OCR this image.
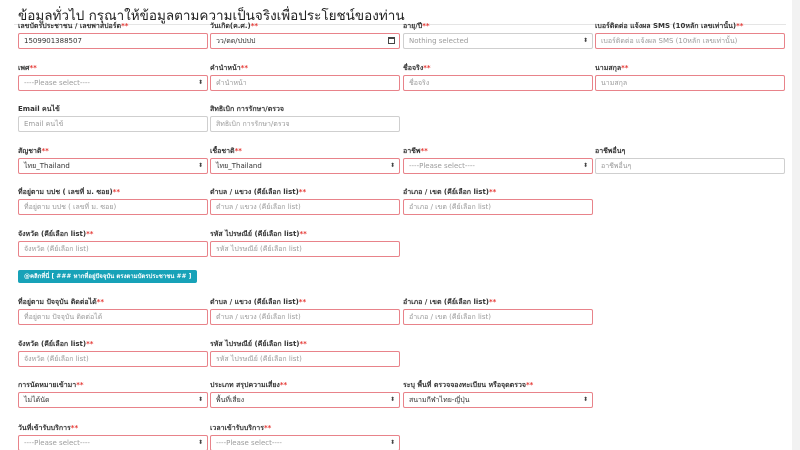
ข้อมูลทั่วไป กรุณาให้ข้อมูลตามความเป็นจริงเพื่อประโยชน์ของท่าน
เลขบัตรประชาชน / เลขพาสปอร์ต**
1509901388507
วันเกิด(ค.ศ.)**
วว/ดด/ปปปป
อายุ/ปี**
Nothing selected	⬍
เบอร์ติดต่อ แจ้งผล SMS (10หลัก เลขเท่านั้น)**
เบอร์ติดต่อ แจ้งผล SMS (10หลัก เลขเท่านั้น)
เพศ**
----Please select----	⬍
คำนำหน้า**
คำนำหน้า
ชื่อจริง**
ชื่อจริง
นามสกุล**
นามสกุล
Email คนไข้
Email คนไข้
สิทธิเบิก การรักษา/ตรวจ
สิทธิเบิก การรักษา/ตรวจ
สัญชาติ**
ไทย_Thailand	⬍
เชื้อชาติ**
ไทย_Thailand	⬍
อาชีพ**
----Please select----	⬍
อาชีพอื่นๆ
อาชีพอื่นๆ
ที่อยู่ตาม บปช ( เลขที่ ม. ซอย)**
ที่อยู่ตาม บปช ( เลขที่ ม. ซอย)
ตำบล / แขวง (คีย์เลือก list)**
ตำบล / แขวง (คีย์เลือก list)
อำเภอ / เขต (คีย์เลือก list)**
อำเภอ / เขต (คีย์เลือก list)
จังหวัด (คีย์เลือก list)**
จังหวัด (คีย์เลือก list)
รหัส ไปรษณีย์ (คีย์เลือก list)**
รหัส ไปรษณีย์ (คีย์เลือก list)
@คลิกที่นี่ [ ### หากที่อยู่ปัจจุบัน ตรงตามบัตรประชาชน ## ]
ที่อยู่ตาม ปัจจุบัน ติดต่อได้**
ที่อยู่ตาม ปัจจุบัน ติดต่อได้
ตำบล / แขวง (คีย์เลือก list)**
ตำบล / แขวง (คีย์เลือก list)
อำเภอ / เขต (คีย์เลือก list)**
อำเภอ / เขต (คีย์เลือก list)
จังหวัด (คีย์เลือก list)**
จังหวัด (คีย์เลือก list)
รหัส ไปรษณีย์ (คีย์เลือก list)**
รหัส ไปรษณีย์ (คีย์เลือก list)
การนัดหมายเข้ามา**
ไม่ได้นัด	⬍
ประเภท สรุปความเสี่ยง**
พื้นที่เสี่ยง	⬍
ระบุ พื้นที่ ตรวจจองทะเบียน หรือจุดตรวจ**
สนามกีฬาไทย-ญี่ปุ่น	⬍
วันที่เข้ารับบริการ**
----Please select----	⬍
เวลาเข้ารับบริการ**
----Please select----	⬍
